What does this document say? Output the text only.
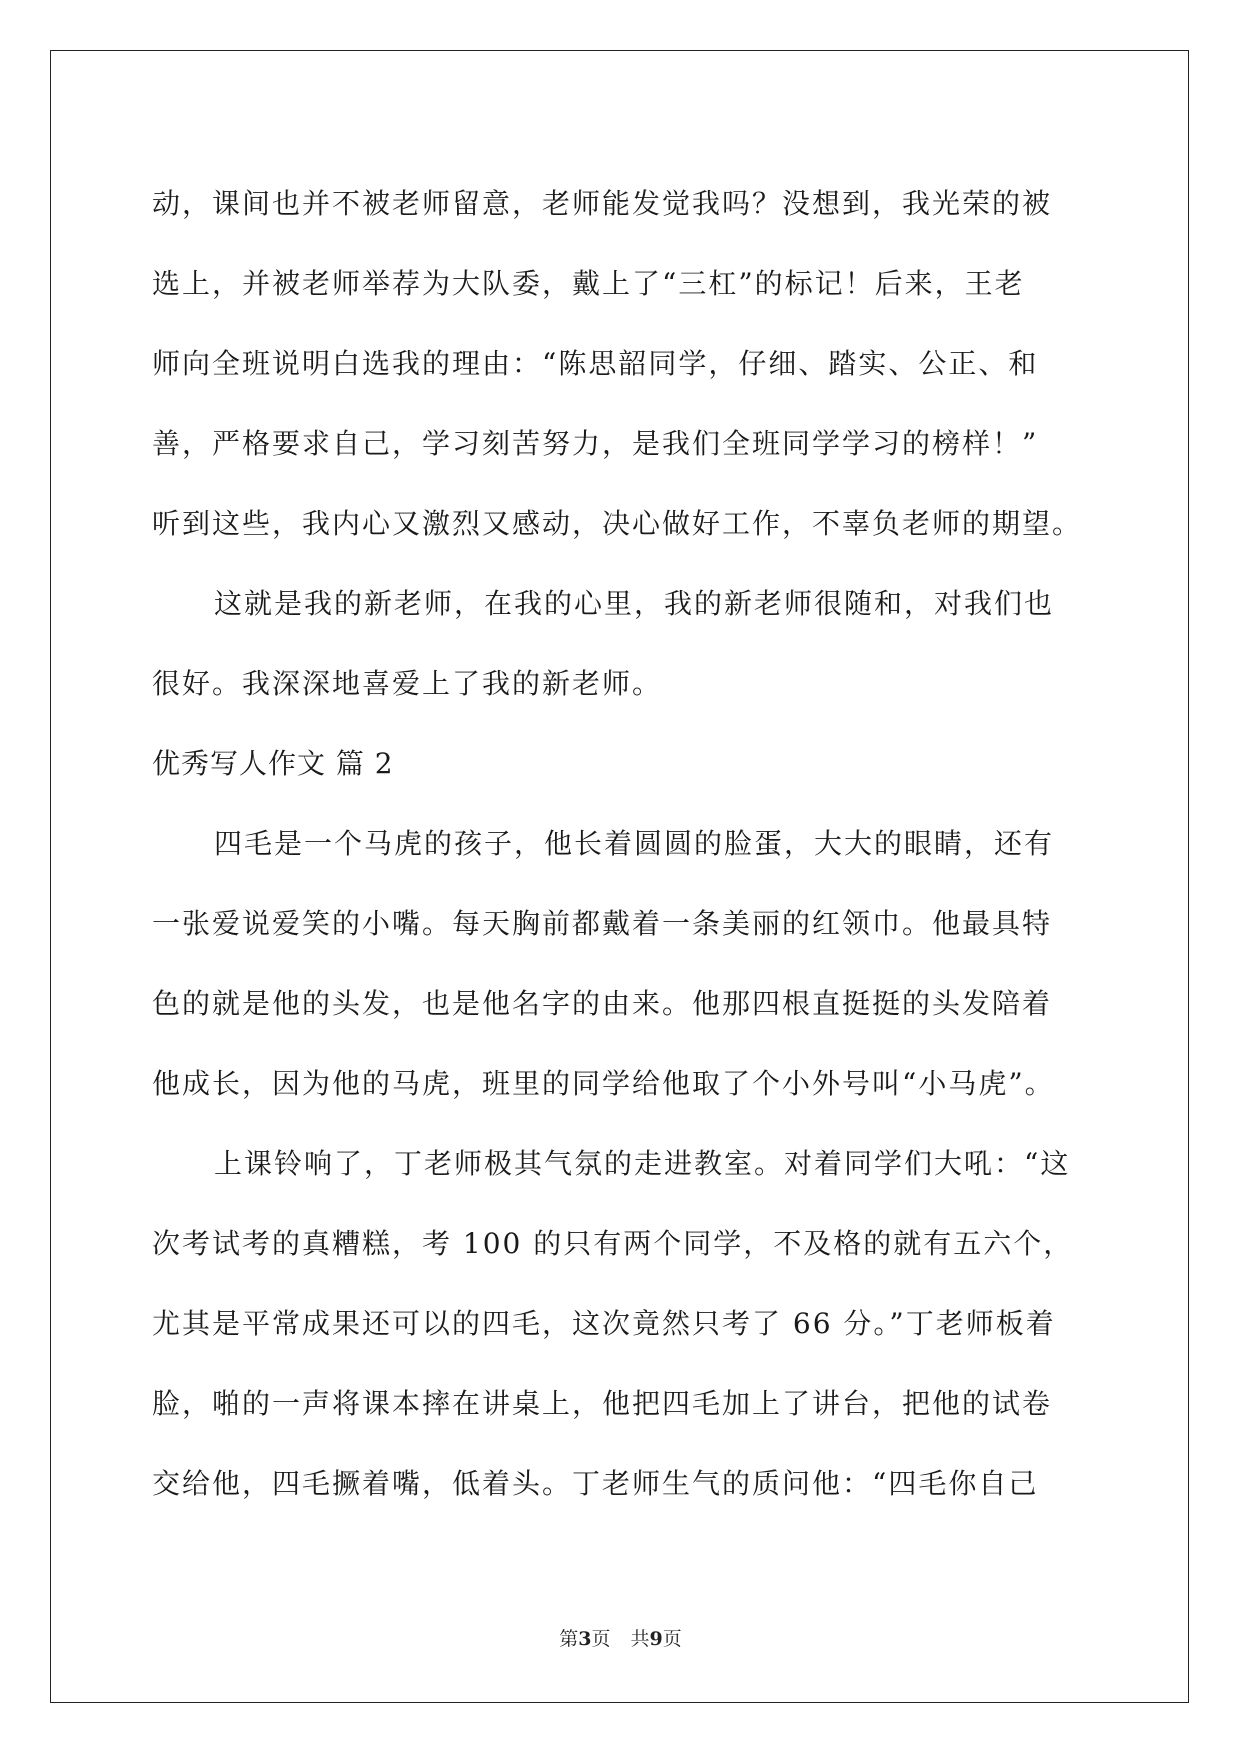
动，课间也并不被老师留意，老师能发觉我吗？没想到，我光荣的被
选上，并被老师举荐为大队委，戴上了“三杠”的标记！后来，王老
师向全班说明白选我的理由：“陈思韶同学，仔细、踏实、公正、和
善，严格要求自己，学习刻苦努力，是我们全班同学学习的榜样！”
听到这些，我内心又激烈又感动，决心做好工作，不辜负老师的期望。
这就是我的新老师，在我的心里，我的新老师很随和，对我们也
很好。我深深地喜爱上了我的新老师。
优秀写人作文 篇 2
四毛是一个马虎的孩子，他长着圆圆的脸蛋，大大的眼睛，还有
一张爱说爱笑的小嘴。每天胸前都戴着一条美丽的红领巾。他最具特
色的就是他的头发，也是他名字的由来。他那四根直挺挺的头发陪着
他成长，因为他的马虎，班里的同学给他取了个小外号叫“小马虎”。
上课铃响了，丁老师极其气氛的走进教室。对着同学们大吼：“这
次考试考的真糟糕，考 100 的只有两个同学，不及格的就有五六个，
尤其是平常成果还可以的四毛，这次竟然只考了 66 分。”丁老师板着
脸，啪的一声将课本摔在讲桌上，他把四毛加上了讲台，把他的试卷
交给他，四毛撅着嘴，低着头。丁老师生气的质问他：“四毛你自己
第3页 共9页
